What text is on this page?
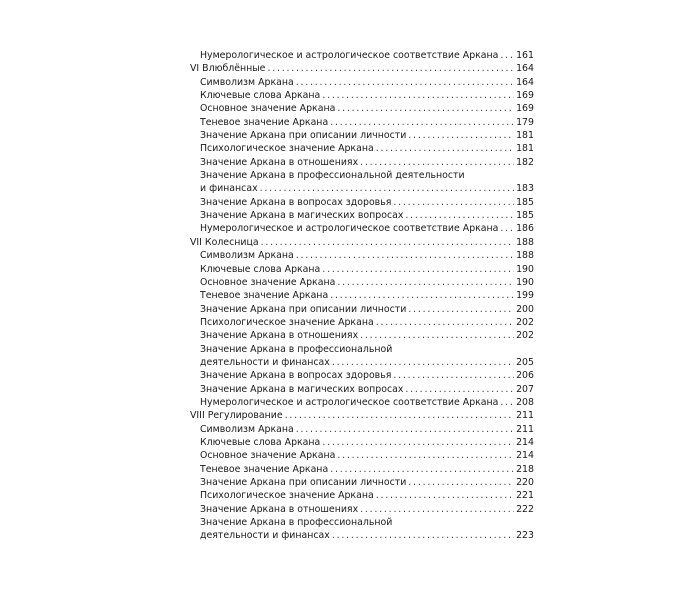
Нумерологическое и астрологическое соответствие Аркана . . . 161
VI Влюблённые . . .	164
Символизм Аркана . . .	164
Ключевые слова Аркана . . .	169
Основное значение Аркана . . .	169
Теневое значение Аркана . . .	179
Значение Аркана при описании личности . . .	181
Психологическое значение Аркана . . .	181
Значение Аркана в отношениях . . .	182
Значение Аркана в профессиональной деятельности
и финансах . . .	183
Значение Аркана в вопросах здоровья . . .	185
Значение Аркана в магических вопросах . . .	185
Нумерологическое и астрологическое соответствие Аркана . . . 186
VII Колесница . . .	188
Символизм Аркана . . .	188
Ключевые слова Аркана . . .	190
Основное значение Аркана . . .	190
Теневое значение Аркана . . .	199
Значение Аркана при описании личности . . .	200
Психологическое значение Аркана . . .	202
Значение Аркана в отношениях . . .	202
Значение Аркана в профессиональной
деятельности и финансах . . .	205
Значение Аркана в вопросах здоровья . . .	206
Значение Аркана в магических вопросах . . .	207
Нумерологическое и астрологическое соответствие Аркана . . . 208
VIII Регулирование . . .	211
Символизм Аркана . . .	211
Ключевые слова Аркана . . .	214
Основное значение Аркана . . .	214
Теневое значение Аркана . . .	218
Значение Аркана при описании личности . . .	220
Психологическое значение Аркана . . .	221
Значение Аркана в отношениях . . .	222
Значение Аркана в профессиональной
деятельности и финансах . . .	223
